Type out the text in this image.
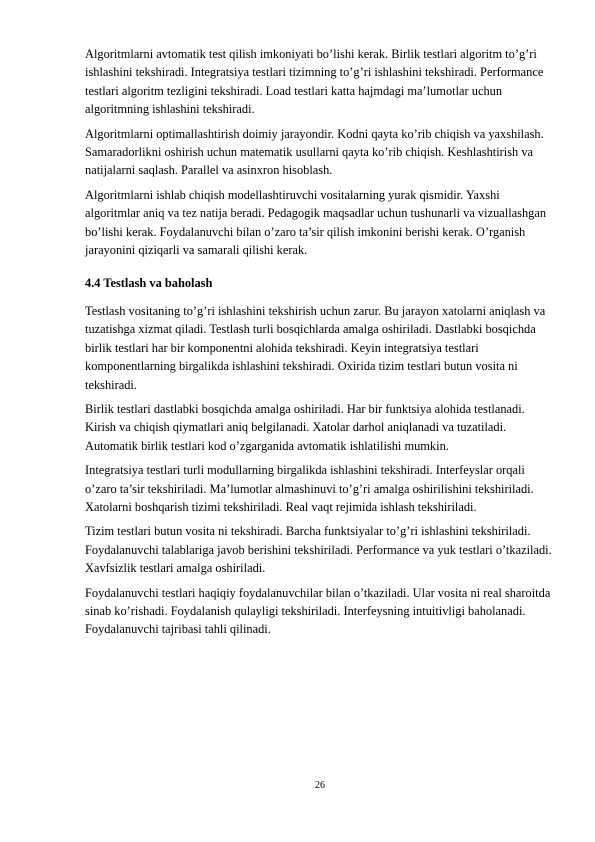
Algoritmlarni avtomatik test qilish imkoniyati bo’lishi kerak. Birlik testlari algoritm to’g’ri ishlashini tekshiradi. Integratsiya testlari tizimning to’g’ri ishlashini tekshiradi. Performance testlari algoritm tezligini tekshiradi. Load testlari katta hajmdagi ma’lumotlar uchun algoritmning ishlashini tekshiradi.

Algoritmlarni optimallashtirish doimiy jarayondir. Kodni qayta ko’rib chiqish va yaxshilash. Samaradorlikni oshirish uchun matematik usullarni qayta ko’rib chiqish. Keshlashtirish va natijalarni saqlash. Parallel va asinxron hisoblash.

Algoritmlarni ishlab chiqish modellashtiruvchi vositalarning yurak qismidir. Yaxshi algoritmlar aniq va tez natija beradi. Pedagogik maqsadlar uchun tushunarli va vizuallashgan bo’lishi kerak. Foydalanuvchi bilan o’zaro ta’sir qilish imkonini berishi kerak. O’rganish jarayonini qiziqarli va samarali qilishi kerak.

4.4 Testlash va baholash

Testlash vositaning to’g’ri ishlashini tekshirish uchun zarur. Bu jarayon xatolarni aniqlash va tuzatishga xizmat qiladi. Testlash turli bosqichlarda amalga oshiriladi. Dastlabki bosqichda birlik testlari har bir komponentni alohida tekshiradi. Keyin integratsiya testlari komponentlarning birgalikda ishlashini tekshiradi. Oxirida tizim testlari butun vosita ni tekshiradi.

Birlik testlari dastlabki bosqichda amalga oshiriladi. Har bir funktsiya alohida testlanadi. Kirish va chiqish qiymatlari aniq belgilanadi. Xatolar darhol aniqlanadi va tuzatiladi. Automatik birlik testlari kod o’zgarganida avtomatik ishlatilishi mumkin.

Integratsiya testlari turli modullarning birgalikda ishlashini tekshiradi. Interfeyslar orqali o’zaro ta’sir tekshiriladi. Ma’lumotlar almashinuvi to’g’ri amalga oshirilishini tekshiriladi. Xatolarni boshqarish tizimi tekshiriladi. Real vaqt rejimida ishlash tekshiriladi.

Tizim testlari butun vosita ni tekshiradi. Barcha funktsiyalar to’g’ri ishlashini tekshiriladi. Foydalanuvchi talablariga javob berishini tekshiriladi. Performance va yuk testlari o’tkaziladi. Xavfsizlik testlari amalga oshiriladi.

Foydalanuvchi testlari haqiqiy foydalanuvchilar bilan o’tkaziladi. Ular vosita ni real sharoitda sinab ko’rishadi. Foydalanish qulayligi tekshiriladi. Interfeysning intuitivligi baholanadi. Foydalanuvchi tajribasi tahli qilinadi.

26
